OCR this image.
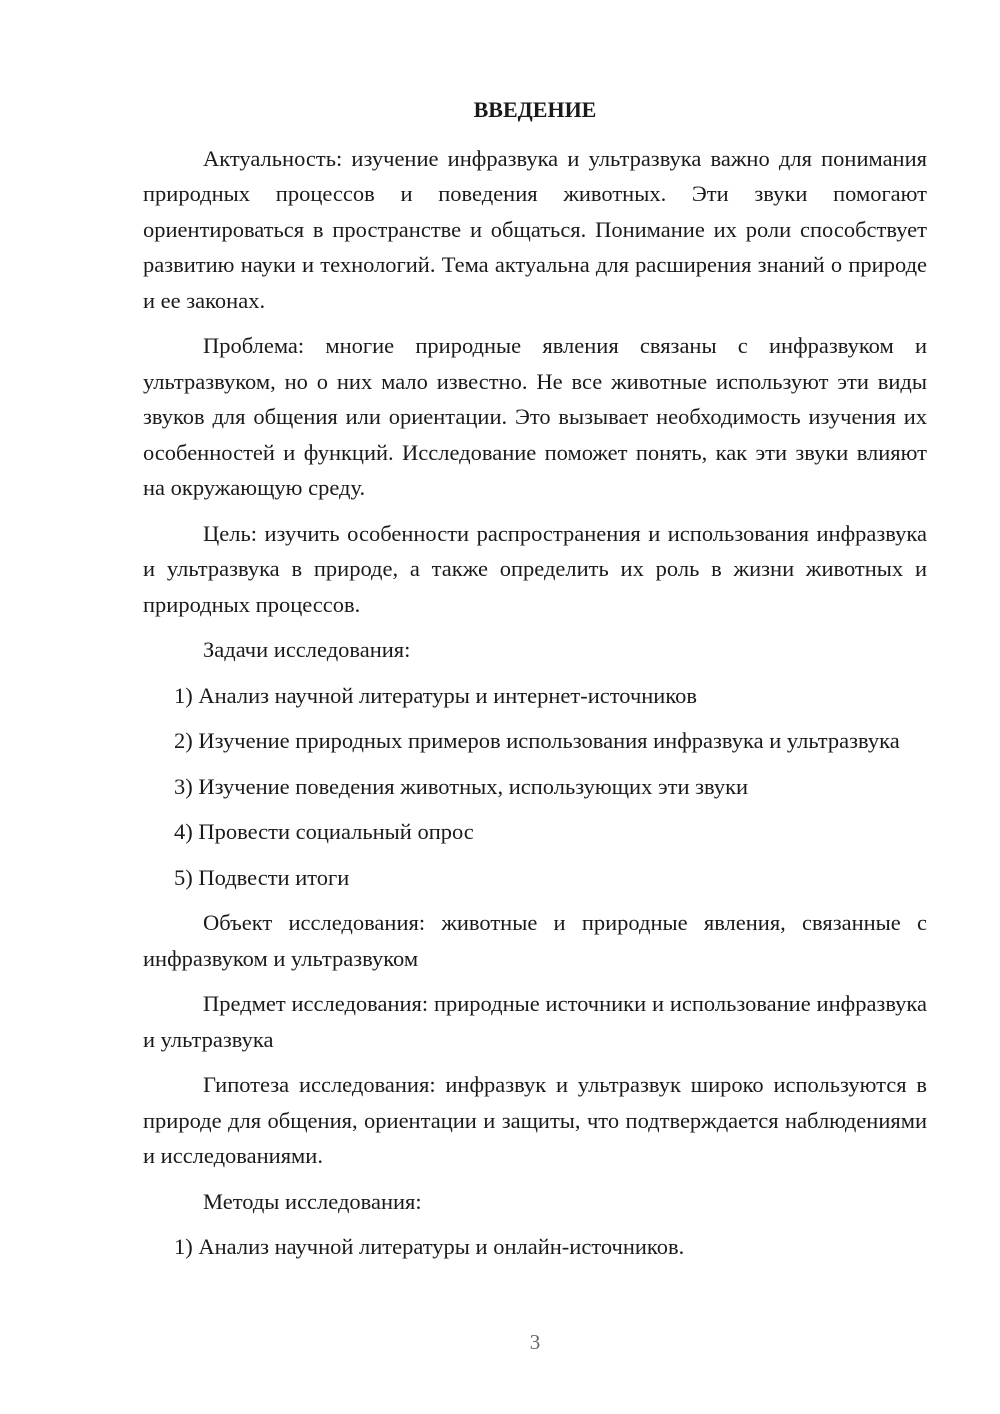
ВВЕДЕНИЕ

Актуальность: изучение инфразвука и ультразвука важно для понимания природных процессов и поведения животных. Эти звуки помогают ориентироваться в пространстве и общаться. Понимание их роли способствует развитию науки и технологий. Тема актуальна для расширения знаний о природе и ее законах.

Проблема: многие природные явления связаны с инфразвуком и ультразвуком, но о них мало известно. Не все животные используют эти виды звуков для общения или ориентации. Это вызывает необходимость изучения их особенностей и функций. Исследование поможет понять, как эти звуки влияют на окружающую среду.

Цель: изучить особенности распространения и использования инфразвука и ультразвука в природе, а также определить их роль в жизни животных и природных процессов.

Задачи исследования:

1) Анализ научной литературы и интернет-источников

2) Изучение природных примеров использования инфразвука и ультразвука

3) Изучение поведения животных, использующих эти звуки

4) Провести социальный опрос

5) Подвести итоги

Объект исследования: животные и природные явления, связанные с инфразвуком и ультразвуком

Предмет исследования: природные источники и использование инфразвука и ультразвука

Гипотеза исследования: инфразвук и ультразвук широко используются в природе для общения, ориентации и защиты, что подтверждается наблюдениями и исследованиями.

Методы исследования:

1) Анализ научной литературы и онлайн-источников.

3
